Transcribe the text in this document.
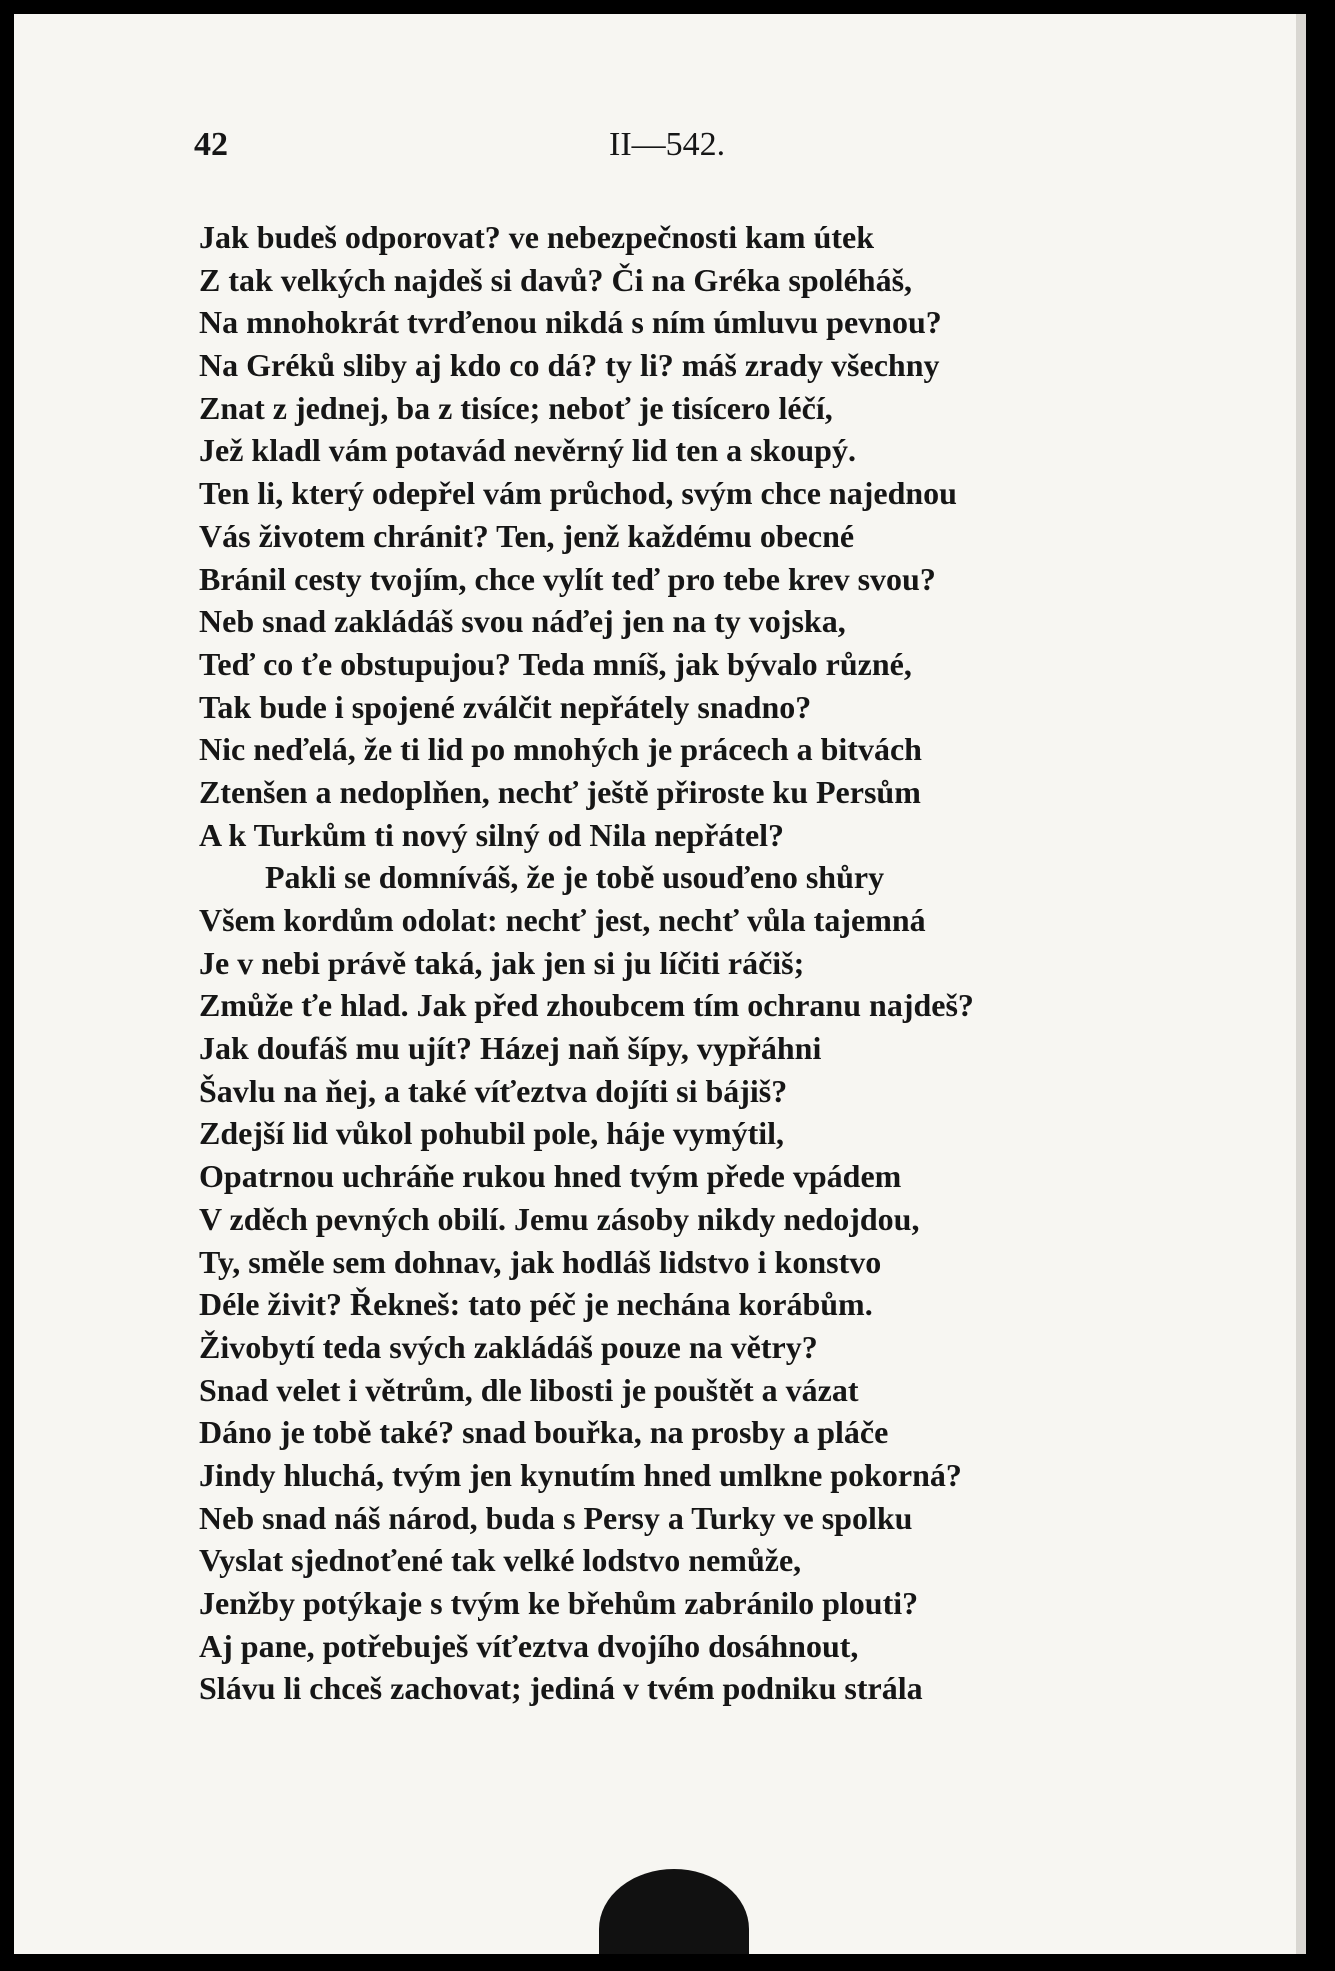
42	II—542.
Jak budeš odporovat? ve nebezpečnosti kam útek
Z tak velkých najdeš si davů? Či na Gréka spoléháš,
Na mnohokrát tvrďenou nikdá s ním úmluvu pevnou?
Na Gréků sliby aj kdo co dá? ty li? máš zrady všechny
Znat z jednej, ba z tisíce; neboť je tisícero léčí,
Jež kladl vám potavád nevěrný lid ten a skoupý.
Ten li, který odepřel vám průchod, svým chce najednou
Vás životem chránit? Ten, jenž každému obecné
Bránil cesty tvojím, chce vylít teď pro tebe krev svou?
Neb snad zakládáš svou náďej jen na ty vojska,
Teď co ťe obstupujou? Teda mníš, jak bývalo různé,
Tak bude i spojené zválčit nepřátely snadno?
Nic neďelá, že ti lid po mnohých je prácech a bitvách
Ztenšen a nedoplňen, nechť ještě přiroste ku Persům
A k Turkům ti nový silný od Nila nepřátel?
Pakli se domníváš, že je tobě usouďeno shůry
Všem kordům odolat: nechť jest, nechť vůla tajemná
Je v nebi právě taká, jak jen si ju líčiti ráčiš;
Zmůže ťe hlad. Jak před zhoubcem tím ochranu najdeš?
Jak doufáš mu ujít? Házej naň šípy, vypřáhni
Šavlu na ňej, a také víťeztva dojíti si bájiš?
Zdejší lid vůkol pohubil pole, háje vymýtil,
Opatrnou uchráňe rukou hned tvým přede vpádem
V zděch pevných obilí. Jemu zásoby nikdy nedojdou,
Ty, směle sem dohnav, jak hodláš lidstvo i konstvo
Déle živit? Řekneš: tato péč je nechána korábům.
Živobytí teda svých zakládáš pouze na větry?
Snad velet i větrům, dle libosti je pouštět a vázat
Dáno je tobě také? snad bouřka, na prosby a pláče
Jindy hluchá, tvým jen kynutím hned umlkne pokorná?
Neb snad náš národ, buda s Persy a Turky ve spolku
Vyslat sjednoťené tak velké lodstvo nemůže,
Jenžby potýkaje s tvým ke břehům zabránilo plouti?
Aj pane, potřebuješ víťeztva dvojího dosáhnout,
Slávu li chceš zachovat; jediná v tvém podniku strála
